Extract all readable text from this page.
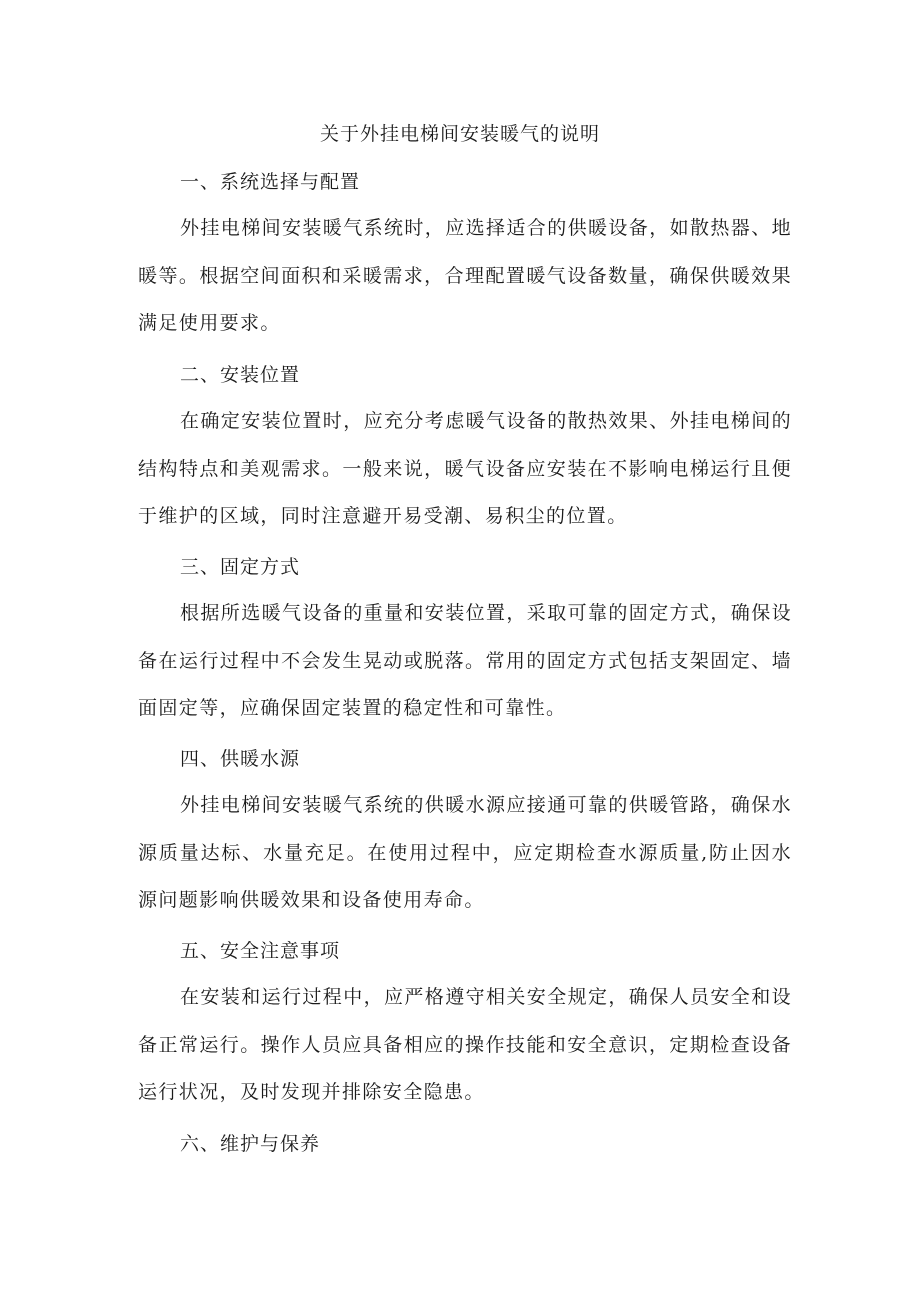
关于外挂电梯间安装暖气的说明
一、系统选择与配置

外挂电梯间安装暖气系统时，应选择适合的供暖设备，如散热器、地暖等。根据空间面积和采暖需求，合理配置暖气设备数量，确保供暖效果满足使用要求。

二、安装位置

在确定安装位置时，应充分考虑暖气设备的散热效果、外挂电梯间的结构特点和美观需求。一般来说，暖气设备应安装在不影响电梯运行且便于维护的区域，同时注意避开易受潮、易积尘的位置。

三、固定方式

根据所选暖气设备的重量和安装位置，采取可靠的固定方式，确保设备在运行过程中不会发生晃动或脱落。常用的固定方式包括支架固定、墙面固定等，应确保固定装置的稳定性和可靠性。

四、供暖水源

外挂电梯间安装暖气系统的供暖水源应接通可靠的供暖管路，确保水源质量达标、水量充足。在使用过程中，应定期检查水源质量,防止因水源问题影响供暖效果和设备使用寿命。

五、安全注意事项

在安装和运行过程中，应严格遵守相关安全规定，确保人员安全和设备正常运行。操作人员应具备相应的操作技能和安全意识，定期检查设备运行状况，及时发现并排除安全隐患。

六、维护与保养
